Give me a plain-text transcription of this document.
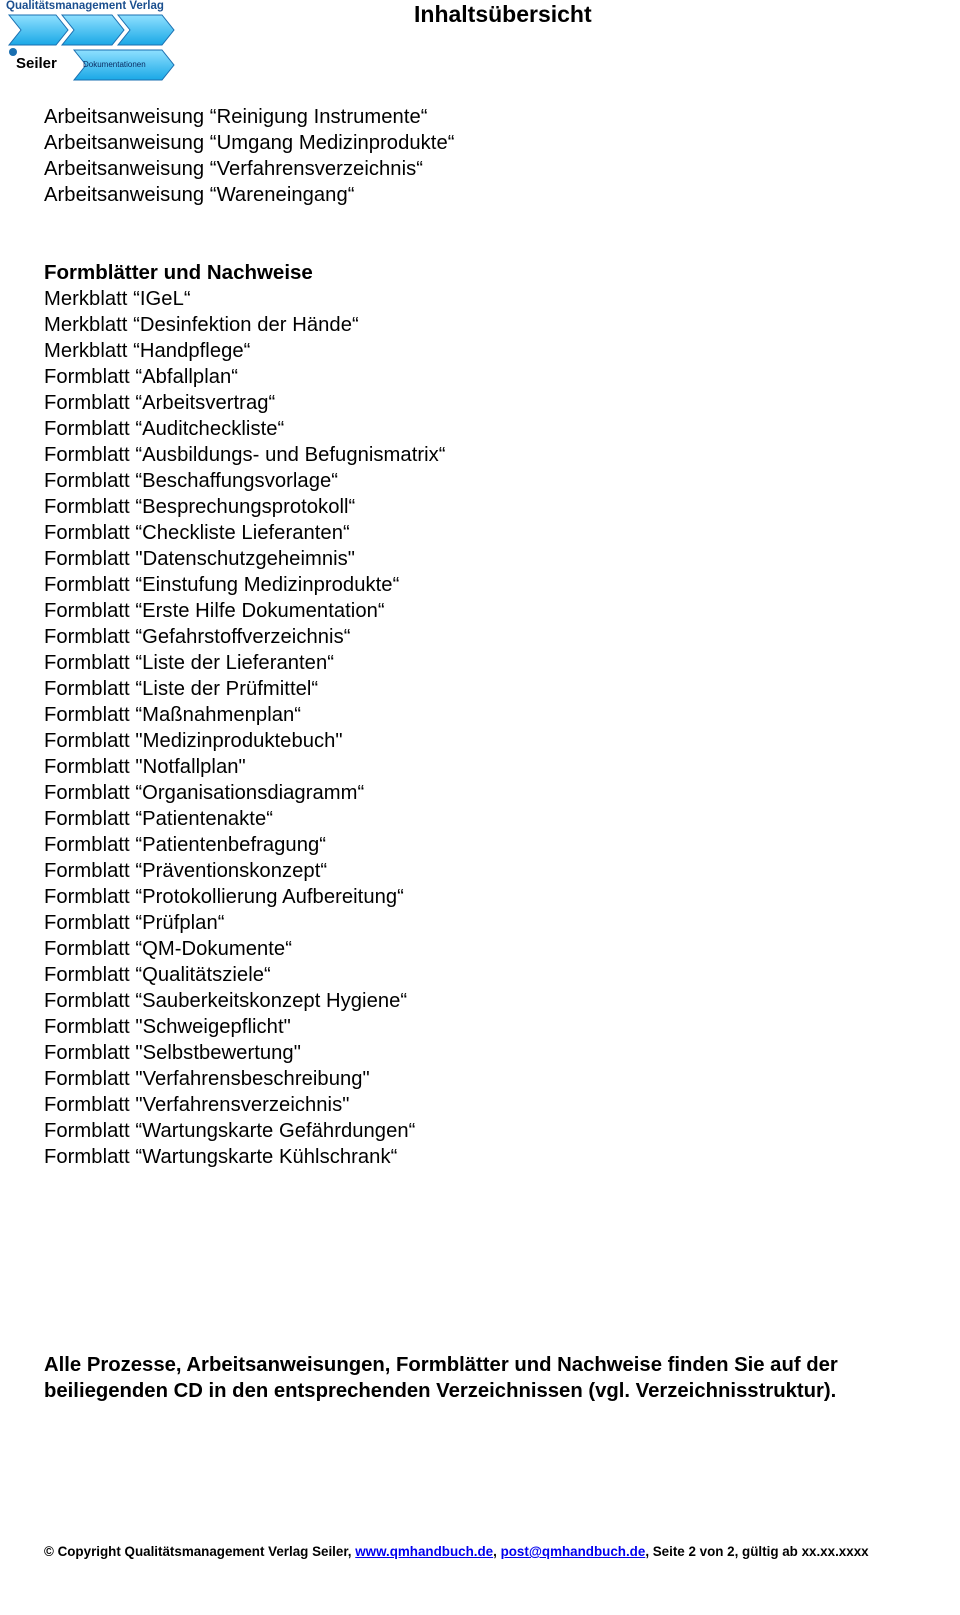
Qualitätsmanagement Verlag
Seiler	Dokumentationen
Inhaltsübersicht
Arbeitsanweisung “Reinigung Instrumente“
Arbeitsanweisung “Umgang Medizinprodukte“
Arbeitsanweisung “Verfahrensverzeichnis“
Arbeitsanweisung “Wareneingang“
Formblätter und Nachweise
Merkblatt “IGeL“
Merkblatt “Desinfektion der Hände“
Merkblatt “Handpflege“
Formblatt “Abfallplan“
Formblatt “Arbeitsvertrag“
Formblatt “Auditcheckliste“
Formblatt “Ausbildungs- und Befugnismatrix“
Formblatt “Beschaffungsvorlage“
Formblatt “Besprechungsprotokoll“
Formblatt “Checkliste Lieferanten“
Formblatt "Datenschutzgeheimnis"
Formblatt “Einstufung Medizinprodukte“
Formblatt “Erste Hilfe Dokumentation“
Formblatt “Gefahrstoffverzeichnis“
Formblatt “Liste der Lieferanten“
Formblatt “Liste der Prüfmittel“
Formblatt “Maßnahmenplan“
Formblatt "Medizinproduktebuch"
Formblatt "Notfallplan"
Formblatt “Organisationsdiagramm“
Formblatt “Patientenakte“
Formblatt “Patientenbefragung“
Formblatt “Präventionskonzept“
Formblatt “Protokollierung Aufbereitung“
Formblatt “Prüfplan“
Formblatt “QM-Dokumente“
Formblatt “Qualitätsziele“
Formblatt “Sauberkeitskonzept Hygiene“
Formblatt "Schweigepflicht"
Formblatt "Selbstbewertung"
Formblatt "Verfahrensbeschreibung"
Formblatt "Verfahrensverzeichnis"
Formblatt “Wartungskarte Gefährdungen“
Formblatt “Wartungskarte Kühlschrank“

Alle Prozesse, Arbeitsanweisungen, Formblätter und Nachweise finden Sie auf der
beiliegenden CD in den entsprechenden Verzeichnissen (vgl. Verzeichnisstruktur).

© Copyright Qualitätsmanagement Verlag Seiler, www.qmhandbuch.de, post@qmhandbuch.de, Seite 2 von 2, gültig ab xx.xx.xxxx
